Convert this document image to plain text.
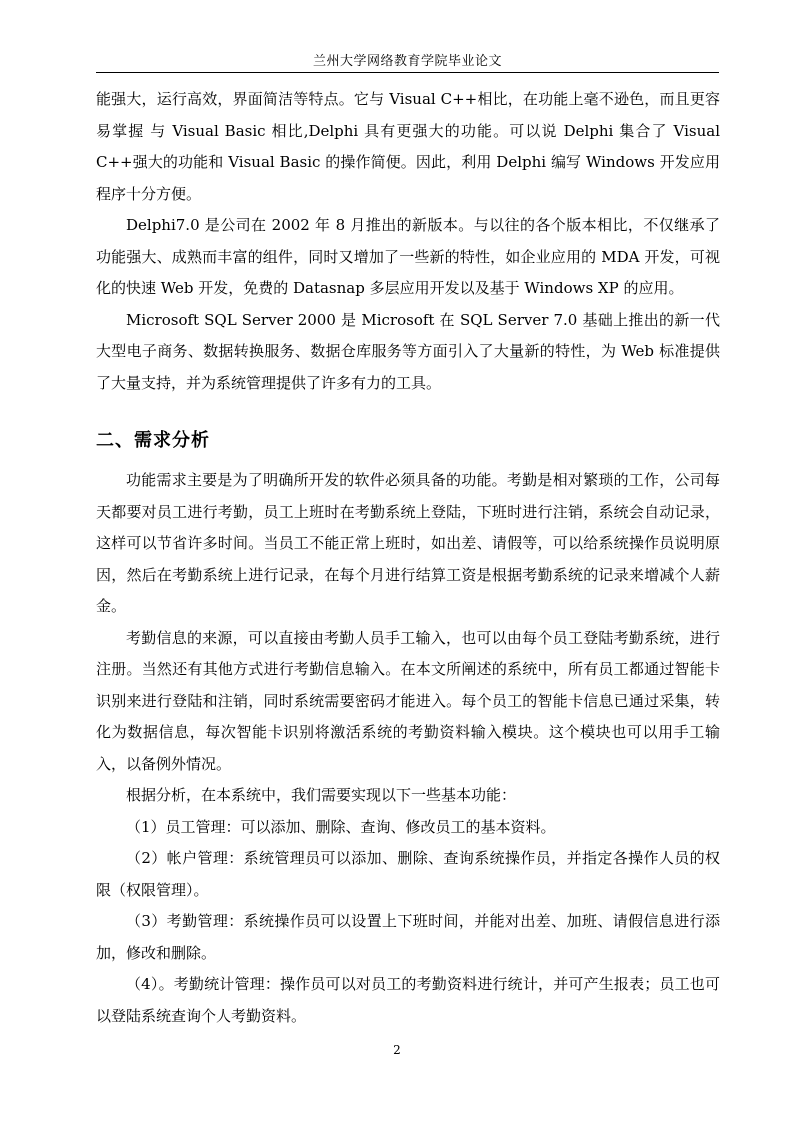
兰州大学网络教育学院毕业论文

能强大，运行高效，界面简洁等特点。它与 Visual C++相比，在功能上毫不逊色，而且更容易掌握 与 Visual Basic 相比,Delphi 具有更强大的功能。可以说 Delphi 集合了 Visual C++强大的功能和 Visual Basic 的操作简便。因此，利用 Delphi 编写 Windows 开发应用程序十分方便。

Delphi7.0 是公司在 2002 年 8 月推出的新版本。与以往的各个版本相比，不仅继承了功能强大、成熟而丰富的组件，同时又增加了一些新的特性，如企业应用的 MDA 开发，可视化的快速 Web 开发，免费的 Datasnap 多层应用开发以及基于 Windows XP 的应用。

Microsoft SQL Server 2000 是 Microsoft 在 SQL Server 7.0 基础上推出的新一代大型电子商务、数据转换服务、数据仓库服务等方面引入了大量新的特性，为 Web 标准提供了大量支持，并为系统管理提供了许多有力的工具。

二、需求分析

功能需求主要是为了明确所开发的软件必须具备的功能。考勤是相对繁琐的工作，公司每天都要对员工进行考勤，员工上班时在考勤系统上登陆，下班时进行注销，系统会自动记录，这样可以节省许多时间。当员工不能正常上班时，如出差、请假等，可以给系统操作员说明原因，然后在考勤系统上进行记录，在每个月进行结算工资是根据考勤系统的记录来增减个人薪金。

考勤信息的来源，可以直接由考勤人员手工输入，也可以由每个员工登陆考勤系统，进行注册。当然还有其他方式进行考勤信息输入。在本文所阐述的系统中，所有员工都通过智能卡识别来进行登陆和注销，同时系统需要密码才能进入。每个员工的智能卡信息已通过采集，转化为数据信息，每次智能卡识别将激活系统的考勤资料输入模块。这个模块也可以用手工输入，以备例外情况。

根据分析，在本系统中，我们需要实现以下一些基本功能：

（1）员工管理：可以添加、删除、查询、修改员工的基本资料。

（2）帐户管理：系统管理员可以添加、删除、查询系统操作员，并指定各操作人员的权限（权限管理）。

（3）考勤管理：系统操作员可以设置上下班时间，并能对出差、加班、请假信息进行添加，修改和删除。

（4）。考勤统计管理：操作员可以对员工的考勤资料进行统计，并可产生报表；员工也可以登陆系统查询个人考勤资料。

2
